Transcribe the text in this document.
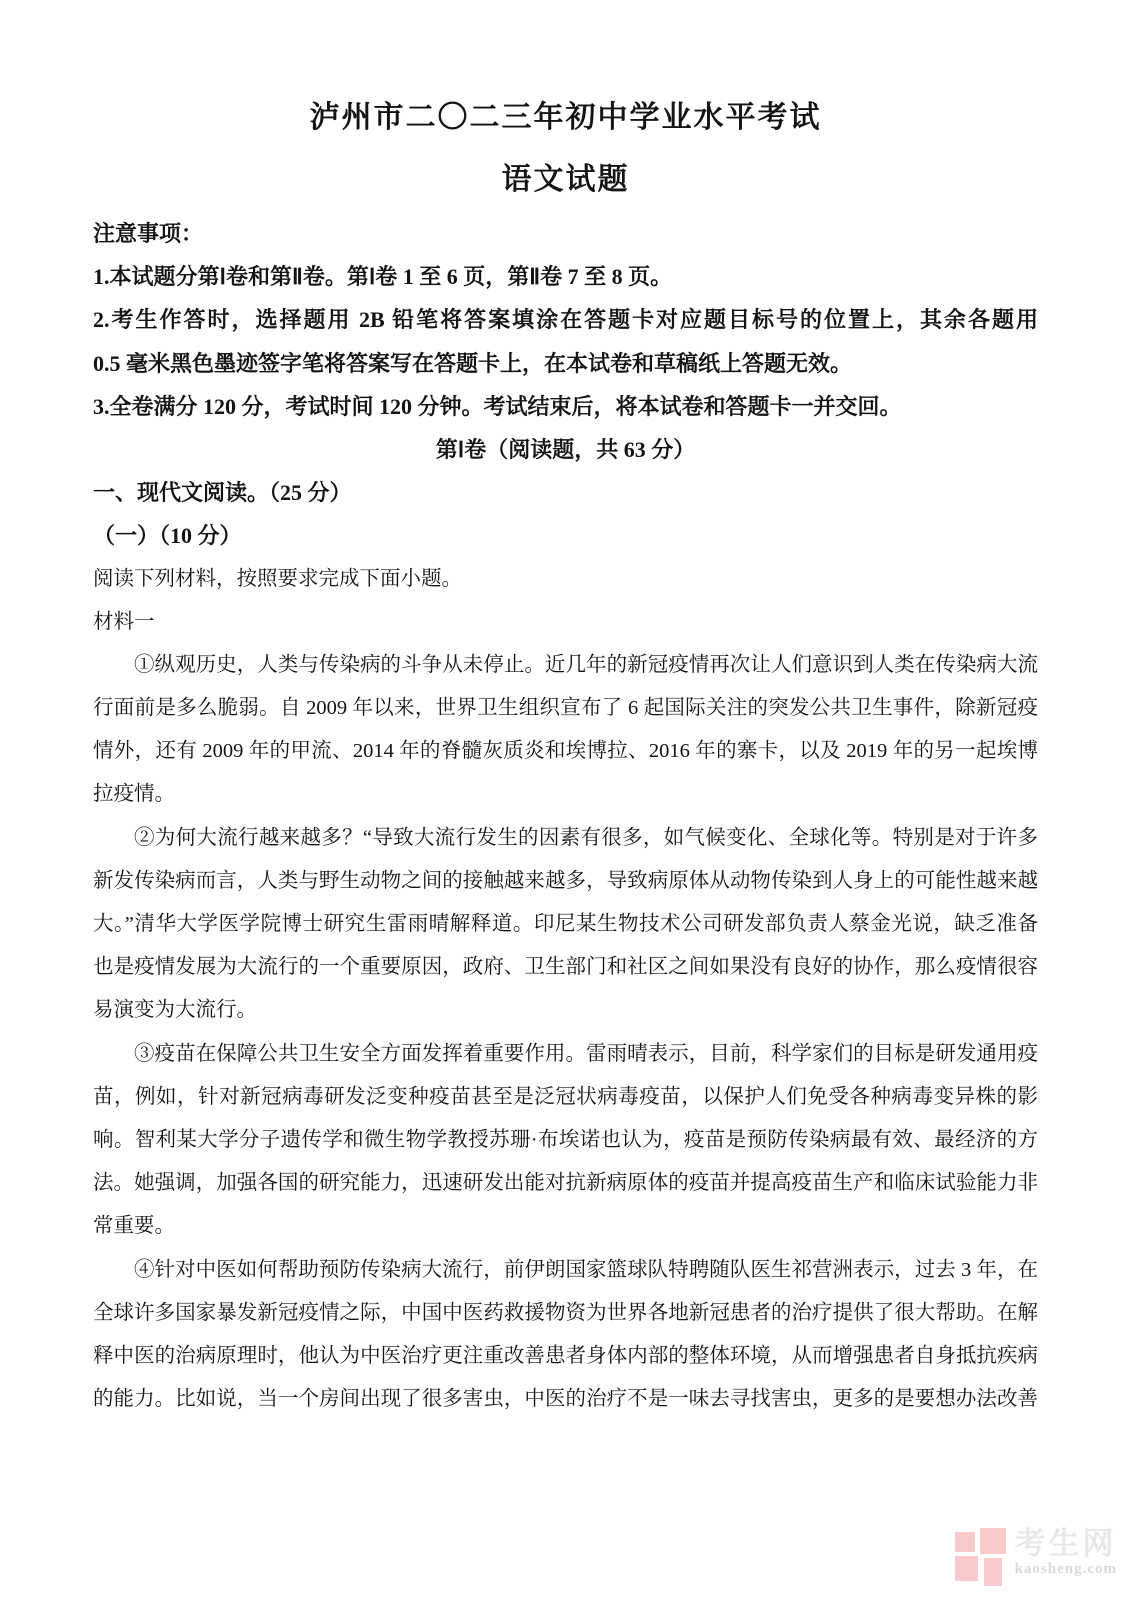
泸州市二〇二三年初中学业水平考试
语文试题
注意事项：
1.本试题分第Ⅰ卷和第Ⅱ卷。第Ⅰ卷 1 至 6 页，第Ⅱ卷 7 至 8 页。
2.考生作答时，选择题用 2B 铅笔将答案填涂在答题卡对应题目标号的位置上，其余各题用
0.5 毫米黑色墨迹签字笔将答案写在答题卡上，在本试卷和草稿纸上答题无效。
3.全卷满分 120 分，考试时间 120 分钟。考试结束后，将本试卷和答题卡一并交回。
第Ⅰ卷（阅读题，共 63 分）
一、现代文阅读。（25 分）
（一）（10 分）
阅读下列材料，按照要求完成下面小题。
材料一
①纵观历史，人类与传染病的斗争从未停止。近几年的新冠疫情再次让人们意识到人类在传染病大流
行面前是多么脆弱。自 2009 年以来，世界卫生组织宣布了 6 起国际关注的突发公共卫生事件，除新冠疫
情外，还有 2009 年的甲流、2014 年的脊髓灰质炎和埃博拉、2016 年的寨卡，以及 2019 年的另一起埃博
拉疫情。
②为何大流行越来越多？“导致大流行发生的因素有很多，如气候变化、全球化等。特别是对于许多
新发传染病而言，人类与野生动物之间的接触越来越多，导致病原体从动物传染到人身上的可能性越来越
大。”清华大学医学院博士研究生雷雨晴解释道。印尼某生物技术公司研发部负责人蔡金光说，缺乏准备
也是疫情发展为大流行的一个重要原因，政府、卫生部门和社区之间如果没有良好的协作，那么疫情很容
易演变为大流行。
③疫苗在保障公共卫生安全方面发挥着重要作用。雷雨晴表示，目前，科学家们的目标是研发通用疫
苗，例如，针对新冠病毒研发泛变种疫苗甚至是泛冠状病毒疫苗，以保护人们免受各种病毒变异株的影
响。智利某大学分子遗传学和微生物学教授苏珊·布埃诺也认为，疫苗是预防传染病最有效、最经济的方
法。她强调，加强各国的研究能力，迅速研发出能对抗新病原体的疫苗并提高疫苗生产和临床试验能力非
常重要。
④针对中医如何帮助预防传染病大流行，前伊朗国家篮球队特聘随队医生祁营洲表示，过去 3 年，在
全球许多国家暴发新冠疫情之际，中国中医药救援物资为世界各地新冠患者的治疗提供了很大帮助。在解
释中医的治病原理时，他认为中医治疗更注重改善患者身体内部的整体环境，从而增强患者自身抵抗疾病
的能力。比如说，当一个房间出现了很多害虫，中医的治疗不是一味去寻找害虫，更多的是要想办法改善
考生网
kaosheng.com
